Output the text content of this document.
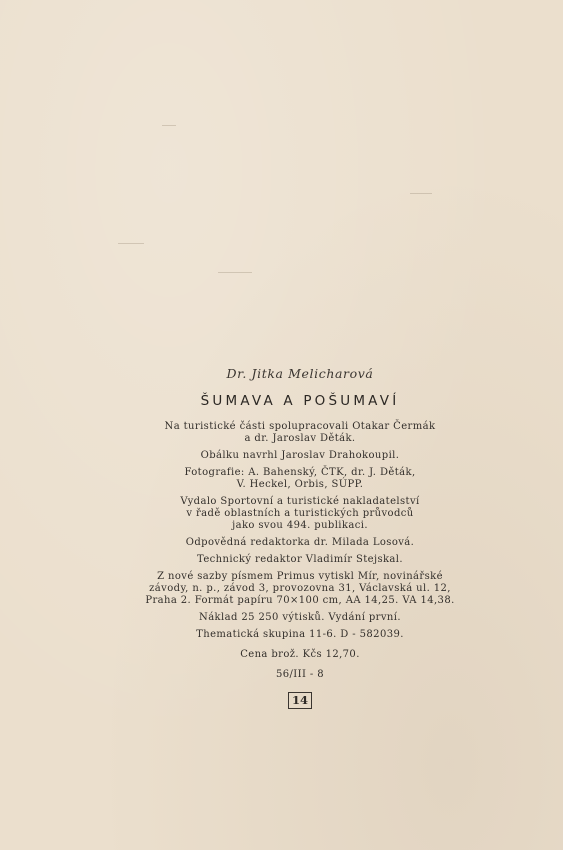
Dr. Jitka Melicharová

ŠUMAVA A POŠUMAVÍ

Na turistické části spolupracovali Otakar Čermák

a dr. Jaroslav Děták.

Obálku navrhl Jaroslav Drahokoupil.

Fotografie: A. Bahenský, ČTK, dr. J. Děták,

V. Heckel, Orbis, SÚPP.

Vydalo Sportovní a turistické nakladatelství

v řadě oblastních a turistických průvodců

jako svou 494. publikaci.

Odpovědná redaktorka dr. Milada Losová.

Technický redaktor Vladimír Stejskal.

Z nové sazby písmem Primus vytiskl Mír, novinářské

závody, n. p., závod 3, provozovna 31, Václavská ul. 12,

Praha 2. Formát papíru 70×100 cm, AA 14,25. VA 14,38.

Náklad 25 250 výtisků. Vydání první.

Thematická skupina 11-6. D - 582039.

Cena brož. Kčs 12,70.

56/III - 8

14
